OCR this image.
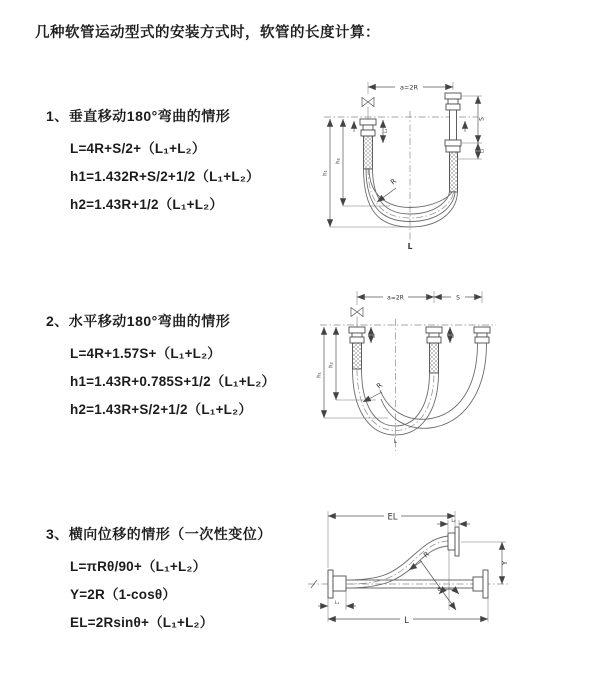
几种软管运动型式的安装方式时，软管的长度计算：
1、垂直移动180°弯曲的情形
L=4R+S/2+（L₁+L₂）
h1=1.432R+S/2+1/2（L₁+L₂）
h2=1.43R+1/2（L₁+L₂）
a=2R
L₁
S
L₂
h₂
h₁
R
L
2、水平移动180°弯曲的情形
L=4R+1.57S+（L₁+L₂）
h1=1.43R+0.785S+1/2（L₁+L₂）
h2=1.43R+S/2+1/2（L₁+L₂）
a=2R	S
L₁	L₂
h₂
h₁
R
L
3、横向位移的情形（一次性变位）
L=πRθ/90+（L₁+L₂）
Y=2R（1-cosθ）
EL=2Rsinθ+（L₁+L₂）
EL	L₂
Y
θ
R
L₁
L
